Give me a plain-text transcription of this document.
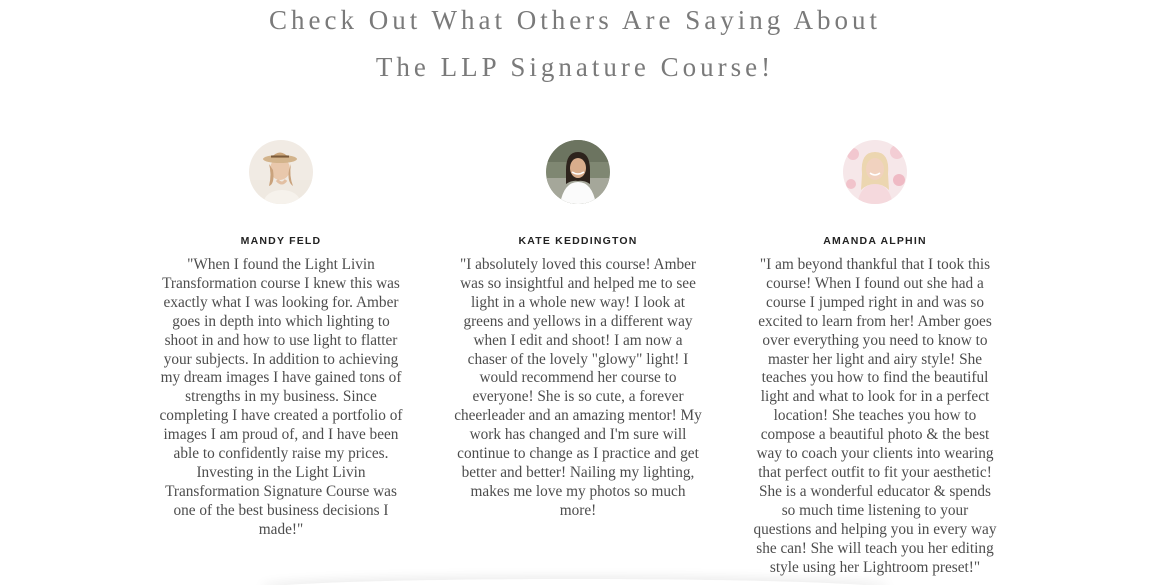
Check Out What Others Are Saying About
The LLP Signature Course!
MANDY FELD
"When I found the Light Livin
Transformation course I knew this was
exactly what I was looking for. Amber
goes in depth into which lighting to
shoot in and how to use light to flatter
your subjects. In addition to achieving
my dream images I have gained tons of
strengths in my business. Since
completing I have created a portfolio of
images I am proud of, and I have been
able to confidently raise my prices.
Investing in the Light Livin
Transformation Signature Course was
one of the best business decisions I
made!"
KATE KEDDINGTON
"I absolutely loved this course! Amber
was so insightful and helped me to see
light in a whole new way! I look at
greens and yellows in a different way
when I edit and shoot! I am now a
chaser of the lovely "glowy" light! I
would recommend her course to
everyone! She is so cute, a forever
cheerleader and an amazing mentor! My
work has changed and I'm sure will
continue to change as I practice and get
better and better! Nailing my lighting,
makes me love my photos so much
more!
AMANDA ALPHIN
"I am beyond thankful that I took this
course! When I found out she had a
course I jumped right in and was so
excited to learn from her! Amber goes
over everything you need to know to
master her light and airy style! She
teaches you how to find the beautiful
light and what to look for in a perfect
location! She teaches you how to
compose a beautiful photo & the best
way to coach your clients into wearing
that perfect outfit to fit your aesthetic!
She is a wonderful educator & spends
so much time listening to your
questions and helping you in every way
she can! She will teach you her editing
style using her Lightroom preset!"
